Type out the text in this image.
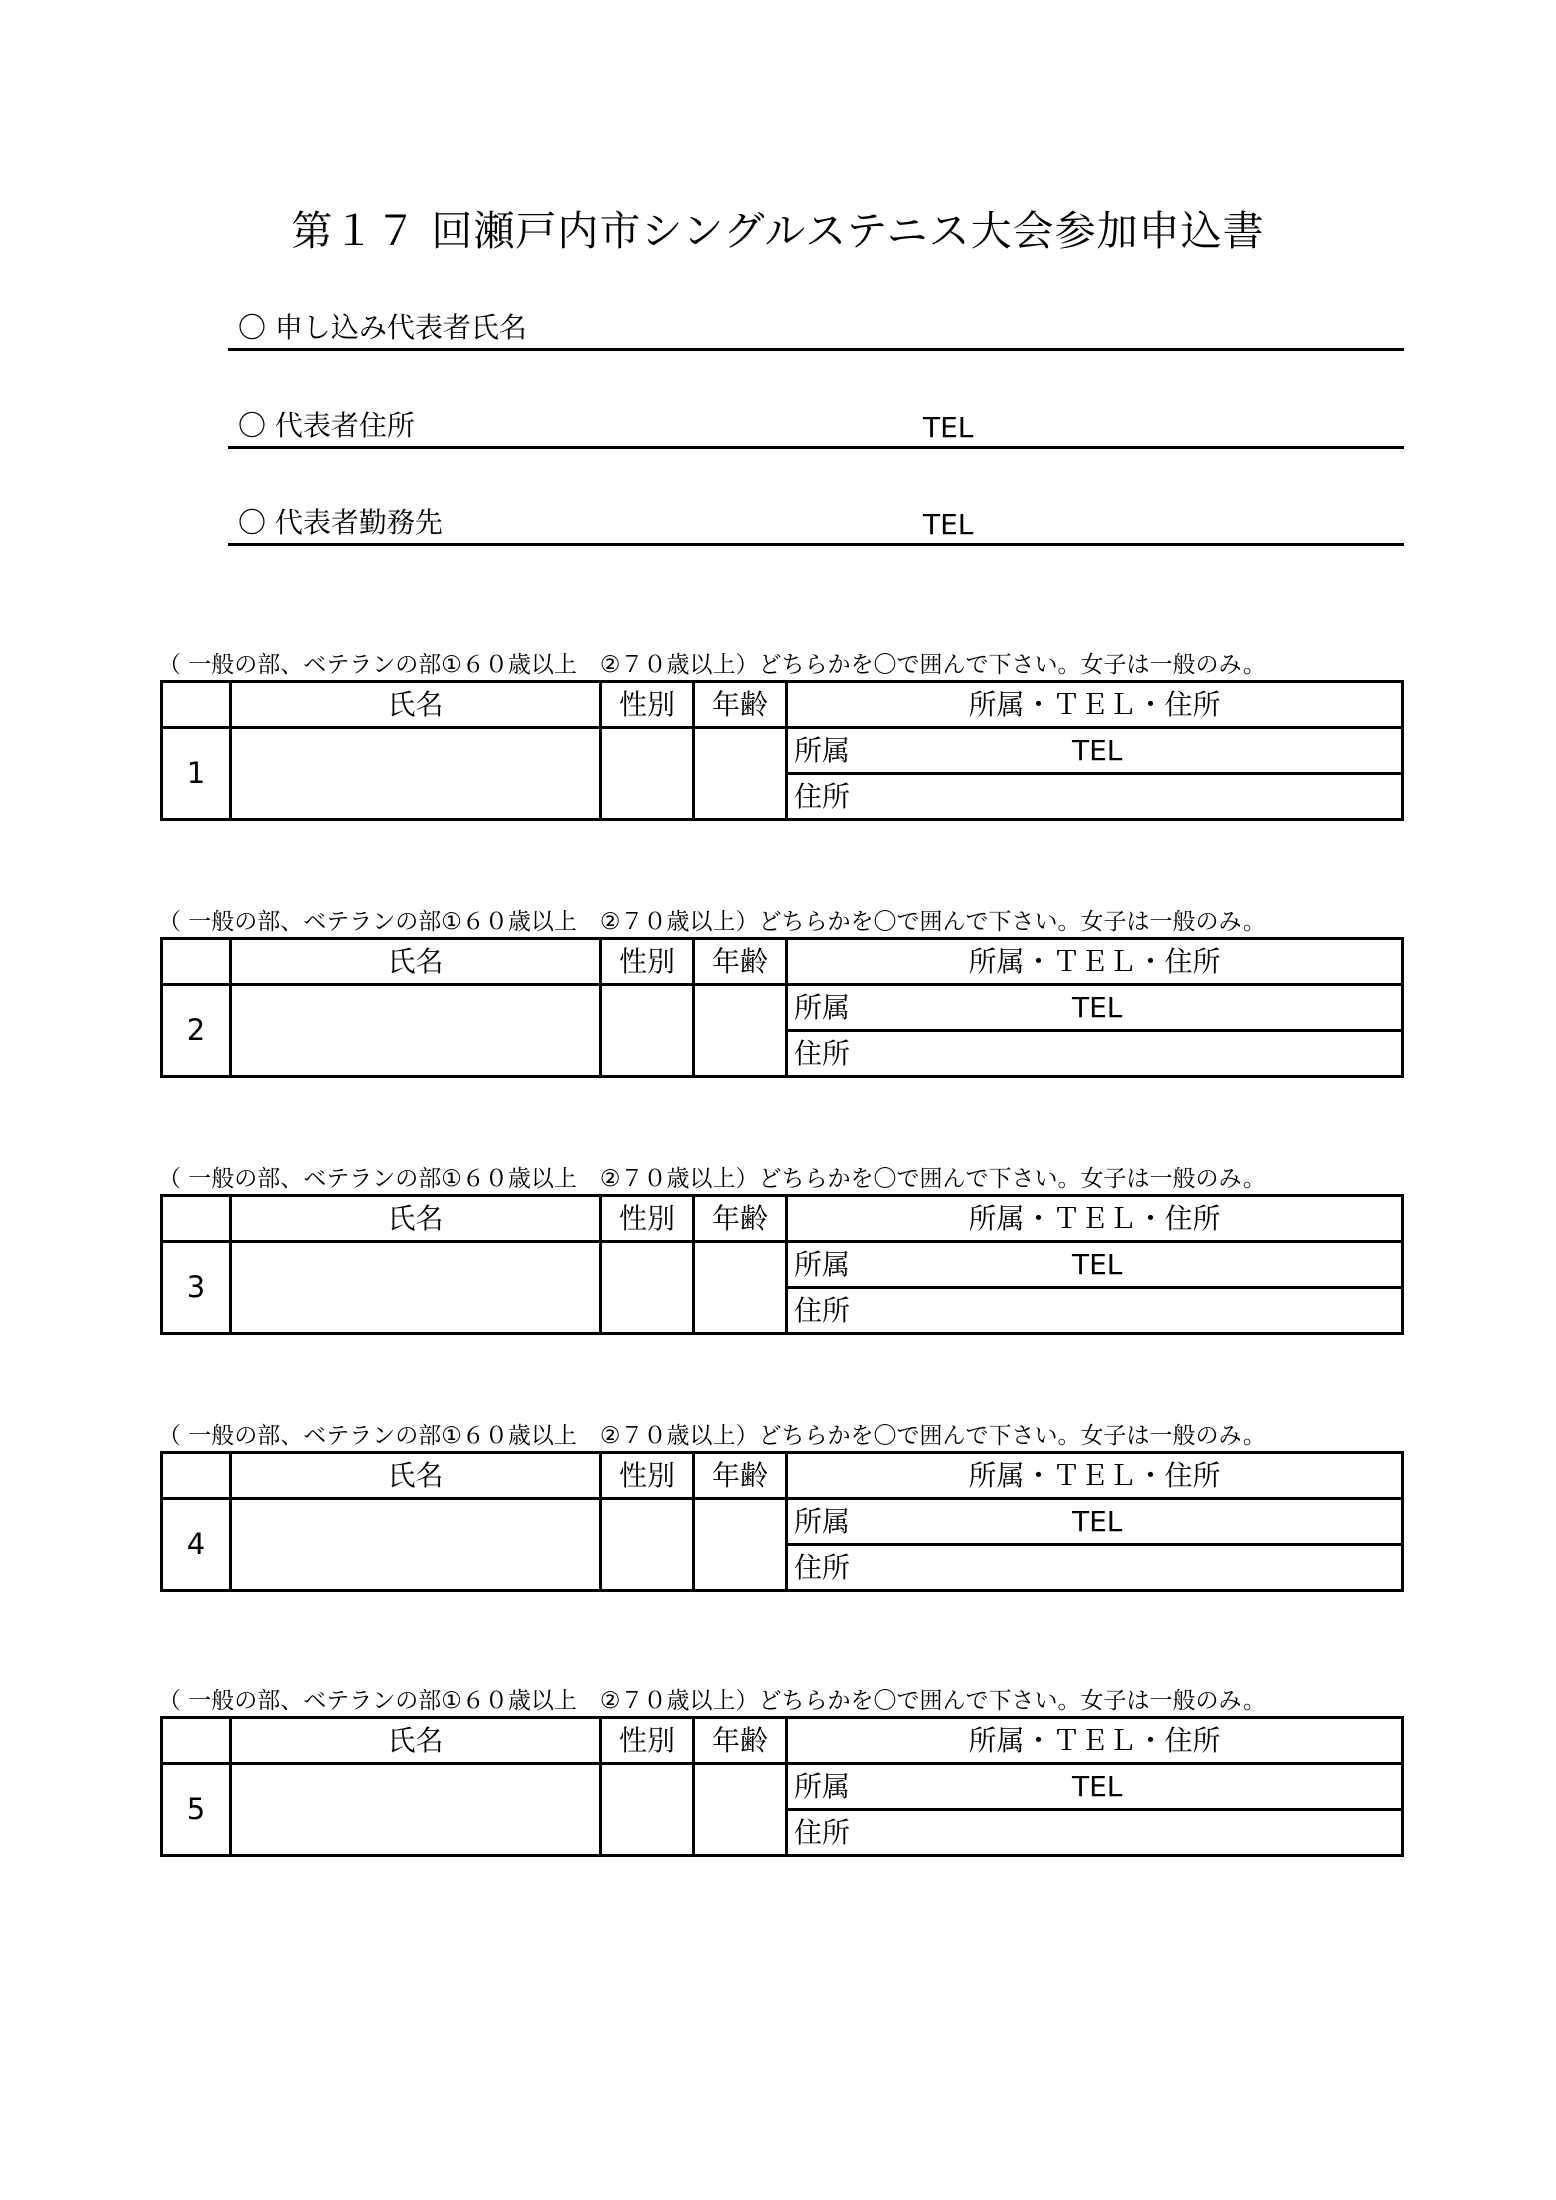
第１７ 回瀬戸内市シングルステニス大会参加申込書
〇 申し込み代表者氏名
〇 代表者住所	TEL
〇 代表者勤務先	TEL
（ 一般の部、ベテランの部①６０歳以上　②７０歳以上）どちらかを〇で囲んで下さい。女子は一般のみ。
	氏名	性別	年齢	所属・ＴＥＬ・住所
1				所属 TEL
				住所
（ 一般の部、ベテランの部①６０歳以上　②７０歳以上）どちらかを〇で囲んで下さい。女子は一般のみ。
	氏名	性別	年齢	所属・ＴＥＬ・住所
2				所属 TEL
				住所
（ 一般の部、ベテランの部①６０歳以上　②７０歳以上）どちらかを〇で囲んで下さい。女子は一般のみ。
	氏名	性別	年齢	所属・ＴＥＬ・住所
3				所属 TEL
				住所
（ 一般の部、ベテランの部①６０歳以上　②７０歳以上）どちらかを〇で囲んで下さい。女子は一般のみ。
	氏名	性別	年齢	所属・ＴＥＬ・住所
4				所属 TEL
				住所
（ 一般の部、ベテランの部①６０歳以上　②７０歳以上）どちらかを〇で囲んで下さい。女子は一般のみ。
	氏名	性別	年齢	所属・ＴＥＬ・住所
5				所属 TEL
				住所
